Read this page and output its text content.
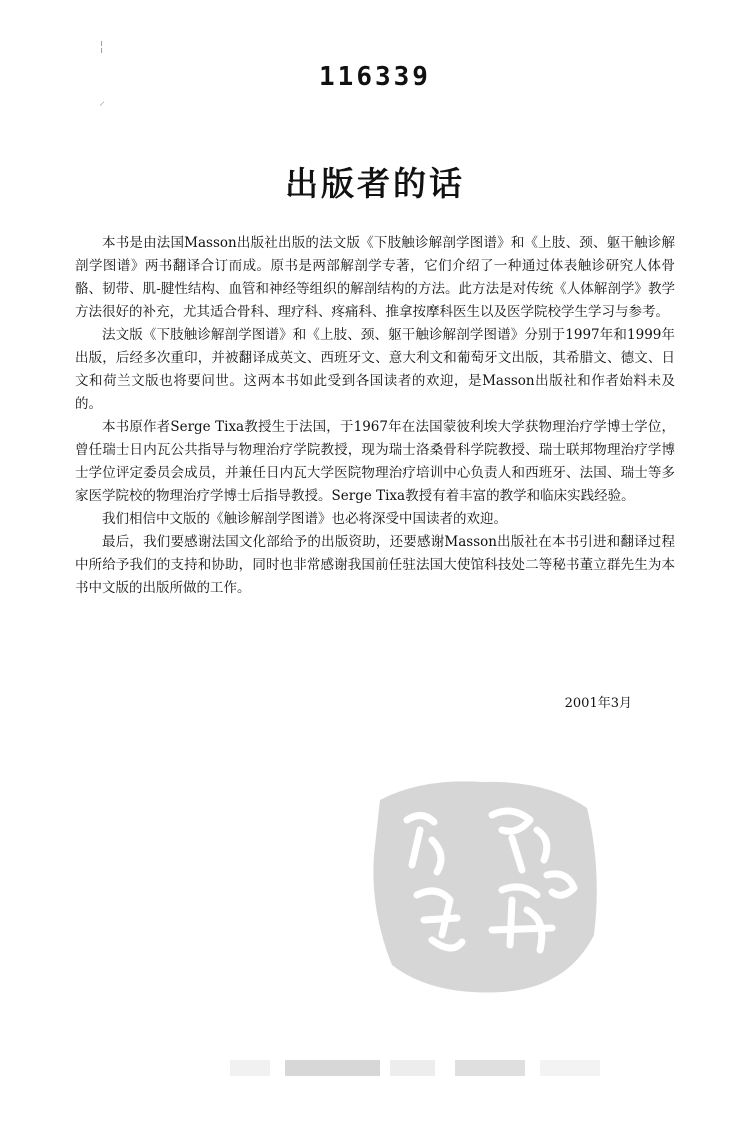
╎
⸝
116339
出版者的话

本书是由法国Masson出版社出版的法文版《下肢触诊解剖学图谱》和《上肢、颈、躯干触诊解剖学图谱》两书翻译合订而成。原书是两部解剖学专著，它们介绍了一种通过体表触诊研究人体骨骼、韧带、肌-腱性结构、血管和神经等组织的解剖结构的方法。此方法是对传统《人体解剖学》教学方法很好的补充，尤其适合骨科、理疗科、疼痛科、推拿按摩科医生以及医学院校学生学习与参考。

法文版《下肢触诊解剖学图谱》和《上肢、颈、躯干触诊解剖学图谱》分别于1997年和1999年出版，后经多次重印，并被翻译成英文、西班牙文、意大利文和葡萄牙文出版，其希腊文、德文、日文和荷兰文版也将要问世。这两本书如此受到各国读者的欢迎，是Masson出版社和作者始料未及的。

本书原作者Serge Tixa教授生于法国，于1967年在法国蒙彼利埃大学获物理治疗学博士学位，曾任瑞士日内瓦公共指导与物理治疗学院教授，现为瑞士洛桑骨科学院教授、瑞士联邦物理治疗学博士学位评定委员会成员，并兼任日内瓦大学医院物理治疗培训中心负责人和西班牙、法国、瑞士等多家医学院校的物理治疗学博士后指导教授。Serge Tixa教授有着丰富的教学和临床实践经验。

我们相信中文版的《触诊解剖学图谱》也必将深受中国读者的欢迎。

最后，我们要感谢法国文化部给予的出版资助，还要感谢Masson出版社在本书引进和翻译过程中所给予我们的支持和协助，同时也非常感谢我国前任驻法国大使馆科技处二等秘书董立群先生为本书中文版的出版所做的工作。

2001年3月
